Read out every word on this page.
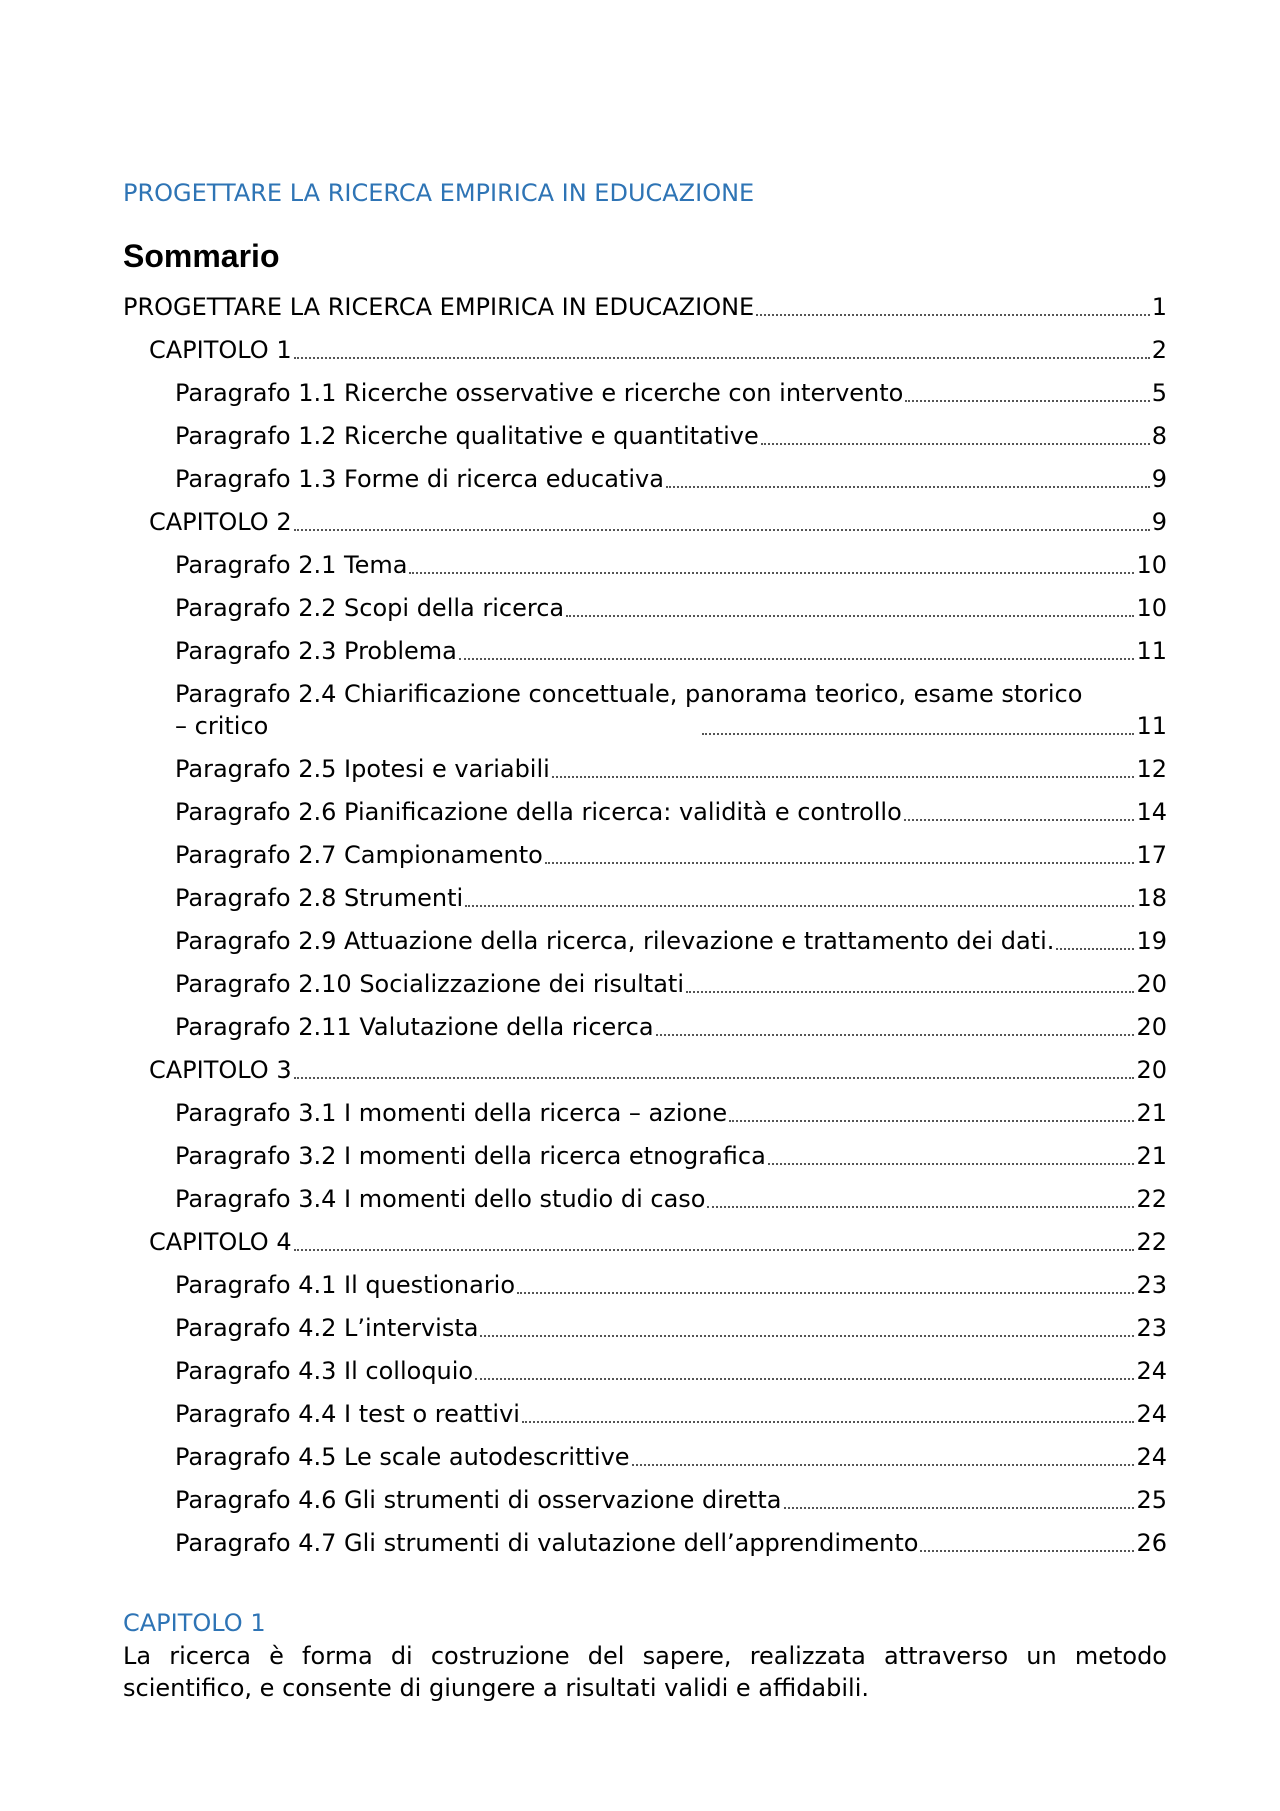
PROGETTARE LA RICERCA EMPIRICA IN EDUCAZIONE
Sommario
PROGETTARE LA RICERCA EMPIRICA IN EDUCAZIONE	1
CAPITOLO 1	2
Paragrafo 1.1 Ricerche osservative e ricerche con intervento	5
Paragrafo 1.2 Ricerche qualitative e quantitative	8
Paragrafo 1.3 Forme di ricerca educativa	9
CAPITOLO 2	9
Paragrafo 2.1 Tema	10
Paragrafo 2.2 Scopi della ricerca	10
Paragrafo 2.3 Problema	11
Paragrafo 2.4 Chiarificazione concettuale, panorama teorico, esame storico
– critico	11
Paragrafo 2.5 Ipotesi e variabili	12
Paragrafo 2.6 Pianificazione della ricerca: validità e controllo	14
Paragrafo 2.7 Campionamento	17
Paragrafo 2.8 Strumenti	18
Paragrafo 2.9 Attuazione della ricerca, rilevazione e trattamento dei dati.	19
Paragrafo 2.10 Socializzazione dei risultati	20
Paragrafo 2.11 Valutazione della ricerca	20
CAPITOLO 3	20
Paragrafo 3.1 I momenti della ricerca – azione	21
Paragrafo 3.2 I momenti della ricerca etnografica	21
Paragrafo 3.4 I momenti dello studio di caso	22
CAPITOLO 4	22
Paragrafo 4.1 Il questionario	23
Paragrafo 4.2 L’intervista	23
Paragrafo 4.3 Il colloquio	24
Paragrafo 4.4 I test o reattivi	24
Paragrafo 4.5 Le scale autodescrittive	24
Paragrafo 4.6 Gli strumenti di osservazione diretta	25
Paragrafo 4.7 Gli strumenti di valutazione dell’apprendimento	26
CAPITOLO 1

La ricerca è forma di costruzione del sapere, realizzata attraverso un metodo scientifico, e consente di giungere a risultati validi e affidabili.
